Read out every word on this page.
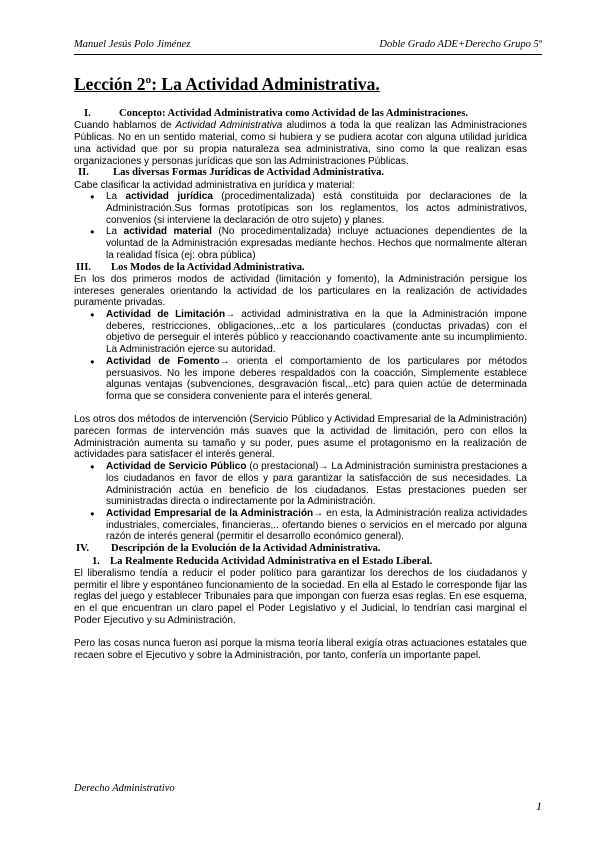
Manuel Jesús Polo Jiménez	Doble Grado ADE+Derecho Grupo 5º
Lección 2º: La Actividad Administrativa.
I.	Concepto: Actividad Administrativa como Actividad de las Administraciones.

Cuando hablamos de Actividad Administrativa aludimos a toda la que realizan las Administraciones Públicas. No en un sentido material, como si hubiera y se pudiera acotar con alguna utilidad jurídica una actividad que por su propia naturaleza sea administrativa, sino como la que realizan esas organizaciones y personas jurídicas que son las Administraciones Públicas.

II.	Las diversas Formas Jurídicas de Actividad Administrativa.

Cabe clasificar la actividad administrativa en jurídica y material:

● La actividad jurídica (procedimentalizada) está constituida por declaraciones de la Administración.Sus formas prototípicas son los reglamentos, los actos administrativos, convenios (si interviene la declaración de otro sujeto) y planes.
● La actividad material (No procedimentalizada) incluye actuaciones dependientes de la voluntad de la Administración expresadas mediante hechos. Hechos que normalmente alteran la realidad física (ej: obra pública)
III.	Los Modos de la Actividad Administrativa.

En los dos primeros modos de actividad (limitación y fomento), la Administración persigue los intereses generales orientando la actividad de los particulares en la realización de actividades puramente privadas.

● Actividad de Limitación→ actividad administrativa en la que la Administración impone deberes, restricciones, obligaciones,..etc a los particulares (conductas privadas) con el objetivo de perseguir el interés público y reaccionando coactivamente ante su incumplimiento. La Administración ejerce su autoridad.
● Actividad de Fomento→ orienta el comportamiento de los particulares por métodos persuasivos. No les impone deberes respaldados con la coacción, Simplemente establece algunas ventajas (subvenciones, desgravación fiscal,..etc) para quien actúe de determinada forma que se considera conveniente para el interés general.

Los otros dos métodos de intervención (Servicio Público y Actividad Empresarial de la Administración) parecen formas de intervención más suaves que la actividad de limitación, pero con ellos la Administración aumenta su tamaño y su poder, pues asume el protagonismo en la realización de actividades para satisfacer el interés general.

● Actividad de Servicio Público (o prestacional)→ La Administración suministra prestaciones a los ciudadanos en favor de ellos y para garantizar la satisfacción de sus necesidades. La Administración actúa en beneficio de los ciudadanos. Estas prestaciones pueden ser suministradas directa o indirectamente por la Administración.
● Actividad Empresarial de la Administración→ en esta, la Administración realiza actividades industriales, comerciales, financieras,.. ofertando bienes o servicios en el mercado por alguna razón de interés general (permitir el desarrollo económico general).
IV.	Descripción de la Evolución de la Actividad Administrativa.
1. La Realmente Reducida Actividad Administrativa en el Estado Liberal.

El liberalismo tendía a reducir el poder político para garantizar los derechos de los ciudadanos y permitir el libre y espontáneo funcionamiento de la sociedad. En ella al Estado le corresponde fijar las reglas del juego y establecer Tribunales para que impongan con fuerza esas reglas. En ese esquema, en el que encuentran un claro papel el Poder Legislativo y el Judicial, lo tendrían casi marginal el Poder Ejecutivo y su Administración.

Pero las cosas nunca fueron así porque la misma teoría liberal exigía otras actuaciones estatales que recaen sobre el Ejecutivo y sobre la Administración, por tanto, confería un importante papel.

Derecho Administrativo
1
